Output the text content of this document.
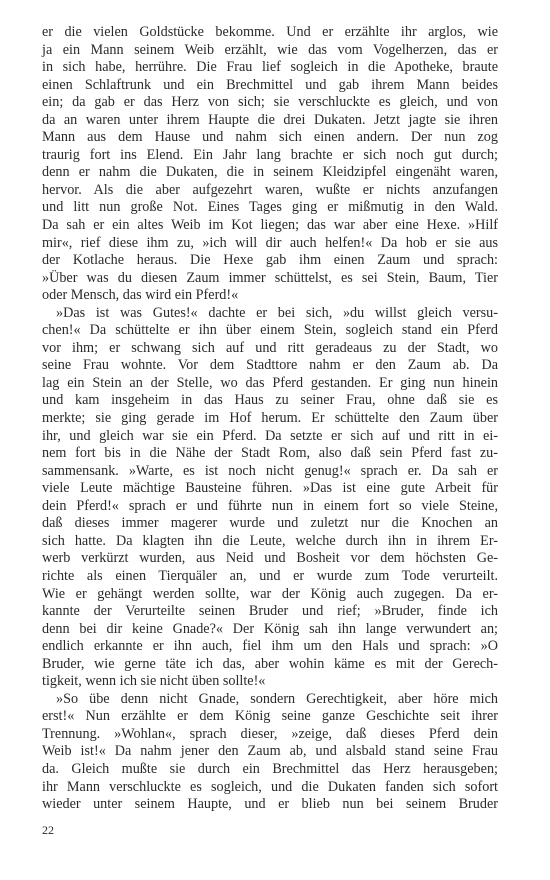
er die vielen Goldstücke bekomme. Und er erzählte ihr arglos, wie
ja ein Mann seinem Weib erzählt, wie das vom Vogelherzen, das er
in sich habe, herrühre. Die Frau lief sogleich in die Apotheke, braute
einen Schlaftrunk und ein Brechmittel und gab ihrem Mann beides
ein; da gab er das Herz von sich; sie verschluckte es gleich, und von
da an waren unter ihrem Haupte die drei Dukaten. Jetzt jagte sie ihren
Mann aus dem Hause und nahm sich einen andern. Der nun zog
traurig fort ins Elend. Ein Jahr lang brachte er sich noch gut durch;
denn er nahm die Dukaten, die in seinem Kleidzipfel eingenäht waren,
hervor. Als die aber aufgezehrt waren, wußte er nichts anzufangen
und litt nun große Not. Eines Tages ging er mißmutig in den Wald.
Da sah er ein altes Weib im Kot liegen; das war aber eine Hexe. »Hilf
mir«, rief diese ihm zu, »ich will dir auch helfen!« Da hob er sie aus
der Kotlache heraus. Die Hexe gab ihm einen Zaum und sprach:
»Über was du diesen Zaum immer schüttelst, es sei Stein, Baum, Tier
oder Mensch, das wird ein Pferd!«
»Das ist was Gutes!« dachte er bei sich, »du willst gleich versu-
chen!« Da schüttelte er ihn über einem Stein, sogleich stand ein Pferd
vor ihm; er schwang sich auf und ritt geradeaus zu der Stadt, wo
seine Frau wohnte. Vor dem Stadttore nahm er den Zaum ab. Da
lag ein Stein an der Stelle, wo das Pferd gestanden. Er ging nun hinein
und kam insgeheim in das Haus zu seiner Frau, ohne daß sie es
merkte; sie ging gerade im Hof herum. Er schüttelte den Zaum über
ihr, und gleich war sie ein Pferd. Da setzte er sich auf und ritt in ei-
nem fort bis in die Nähe der Stadt Rom, also daß sein Pferd fast zu-
sammensank. »Warte, es ist noch nicht genug!« sprach er. Da sah er
viele Leute mächtige Bausteine führen. »Das ist eine gute Arbeit für
dein Pferd!« sprach er und führte nun in einem fort so viele Steine,
daß dieses immer magerer wurde und zuletzt nur die Knochen an
sich hatte. Da klagten ihn die Leute, welche durch ihn in ihrem Er-
werb verkürzt wurden, aus Neid und Bosheit vor dem höchsten Ge-
richte als einen Tierquäler an, und er wurde zum Tode verurteilt.
Wie er gehängt werden sollte, war der König auch zugegen. Da er-
kannte der Verurteilte seinen Bruder und rief; »Bruder, finde ich
denn bei dir keine Gnade?« Der König sah ihn lange verwundert an;
endlich erkannte er ihn auch, fiel ihm um den Hals und sprach: »O
Bruder, wie gerne täte ich das, aber wohin käme es mit der Gerech-
tigkeit, wenn ich sie nicht üben sollte!«
»So übe denn nicht Gnade, sondern Gerechtigkeit, aber höre mich
erst!« Nun erzählte er dem König seine ganze Geschichte seit ihrer
Trennung. »Wohlan«, sprach dieser, »zeige, daß dieses Pferd dein
Weib ist!« Da nahm jener den Zaum ab, und alsbald stand seine Frau
da. Gleich mußte sie durch ein Brechmittel das Herz herausgeben;
ihr Mann verschluckte es sogleich, und die Dukaten fanden sich sofort
wieder unter seinem Haupte, und er blieb nun bei seinem Bruder
22
